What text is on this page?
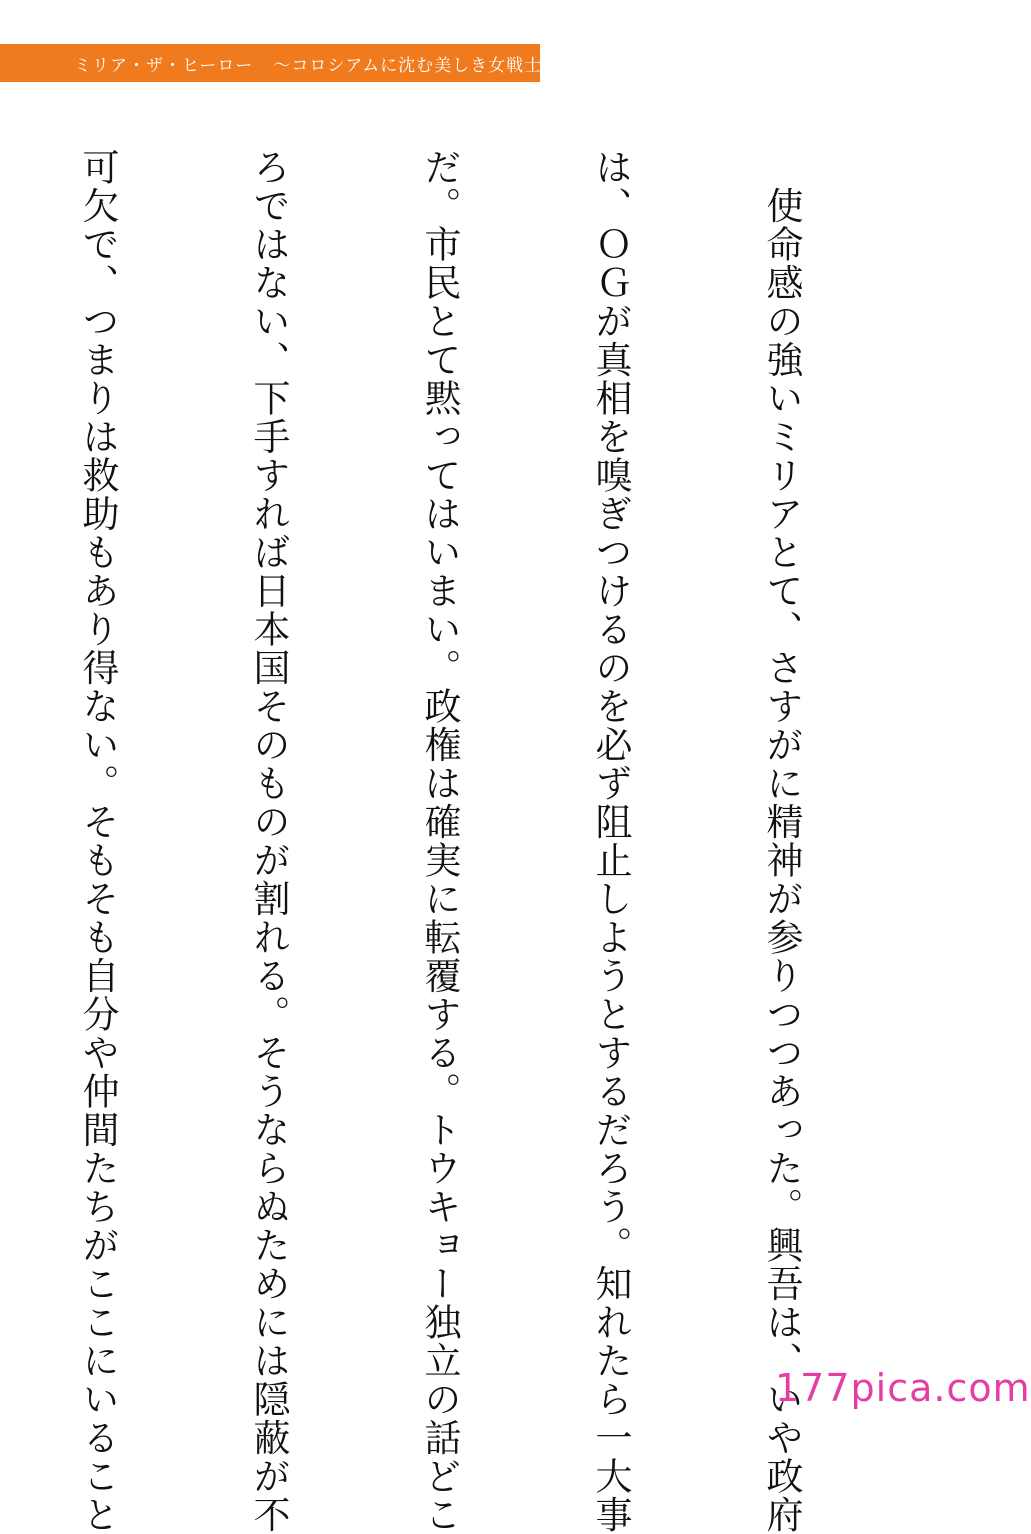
ミリア・ザ・ヒーロー 〜コロシアムに沈む美しき女戦士たち〜

　使命感の強いミリアとて、さすがに精神が参りつつあった。興吾は、いや政府

は、ＯＧが真相を嗅ぎつけるのを必ず阻止しようとするだろう。知れたら一大事

だ。市民とて黙ってはいまい。政権は確実に転覆する。トウキョー独立の話どこ

ろではない、下手すれば日本国そのものが割れる。そうならぬためには隠蔽が不

可欠で、つまりは救助もあり得ない。そもそも自分や仲間たちがここにいること

	177pica.com
